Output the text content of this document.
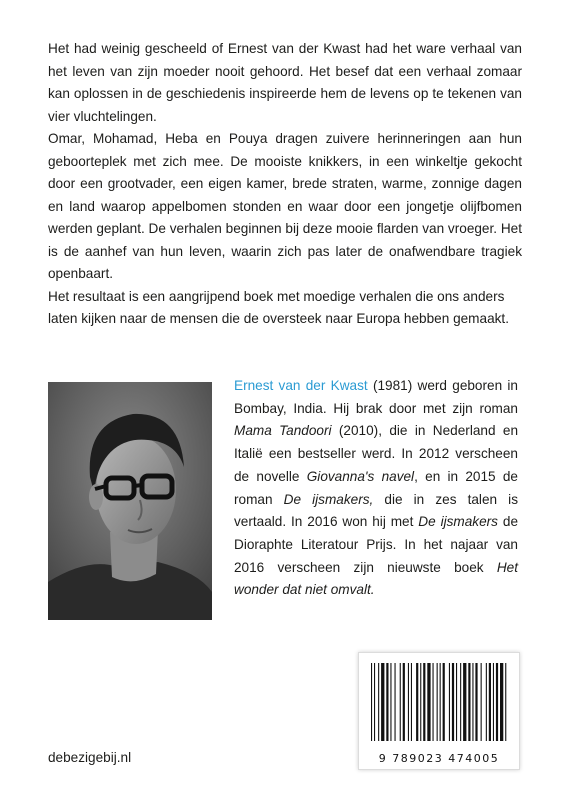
Het had weinig gescheeld of Ernest van der Kwast had het ware verhaal van het leven van zijn moeder nooit gehoord. Het besef dat een verhaal zomaar kan oplossen in de geschiedenis inspireerde hem de levens op te tekenen van vier vluchtelingen.

Omar, Mohamad, Heba en Pouya dragen zuivere herinneringen aan hun geboorteplek met zich mee. De mooiste knikkers, in een winkeltje gekocht door een grootvader, een eigen kamer, brede straten, warme, zonnige dagen en land waarop appelbomen stonden en waar door een jongetje olijfbomen werden geplant. De verhalen beginnen bij deze mooie flarden van vroeger. Het is de aanhef van hun leven, waarin zich pas later de onafwendbare tragiek openbaart.

Het resultaat is een aangrijpend boek met moedige verhalen die ons anders laten kijken naar de mensen die de oversteek naar Europa hebben gemaakt.

Ernest van der Kwast (1981) werd geboren in Bombay, India. Hij brak door met zijn roman Mama Tandoori (2010), die in Nederland en Italië een bestseller werd. In 2012 verscheen de novelle Giovanna's navel, en in 2015 de roman De ijsmakers, die in zes talen is vertaald. In 2016 won hij met De ijsmakers de Dioraphte Literatour Prijs. In het najaar van 2016 verscheen zijn nieuwste boek Het wonder dat niet omvalt.

debezigebij.nl	9 789023 474005
